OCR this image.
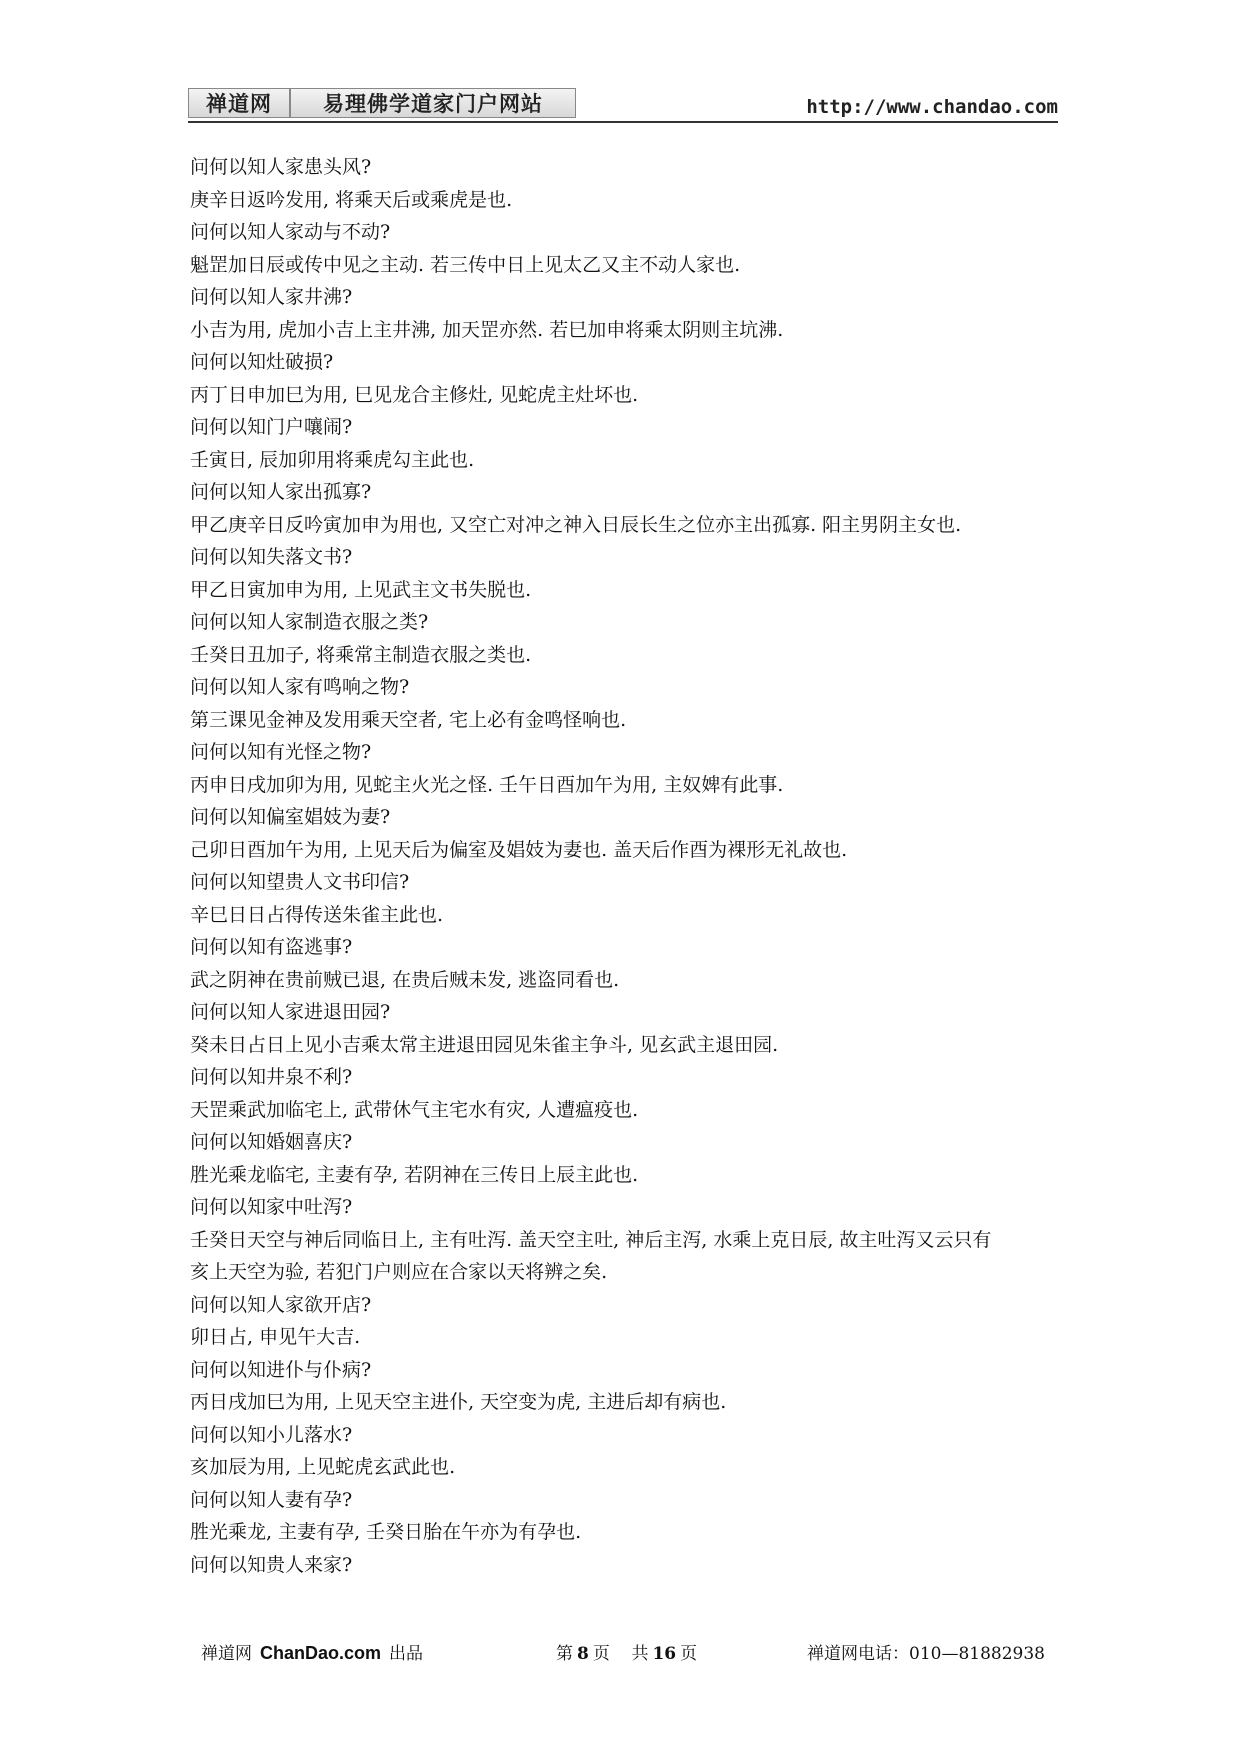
禅道网	易理佛学道家门户网站	http://www.chandao.com
问何以知人家患头风?
庚辛日返吟发用, 将乘天后或乘虎是也.
问何以知人家动与不动?
魁罡加日辰或传中见之主动. 若三传中日上见太乙又主不动人家也.
问何以知人家井沸?
小吉为用, 虎加小吉上主井沸, 加天罡亦然. 若巳加申将乘太阴则主坑沸.
问何以知灶破损?
丙丁日申加巳为用, 巳见龙合主修灶, 见蛇虎主灶坏也.
问何以知门户嚷闹?
壬寅日, 辰加卯用将乘虎勾主此也.
问何以知人家出孤寡?
甲乙庚辛日反吟寅加申为用也, 又空亡对冲之神入日辰长生之位亦主出孤寡. 阳主男阴主女也.
问何以知失落文书?
甲乙日寅加申为用, 上见武主文书失脱也.
问何以知人家制造衣服之类?
壬癸日丑加子, 将乘常主制造衣服之类也.
问何以知人家有鸣响之物?
第三课见金神及发用乘天空者, 宅上必有金鸣怪响也.
问何以知有光怪之物?
丙申日戌加卯为用, 见蛇主火光之怪. 壬午日酉加午为用, 主奴婢有此事.
问何以知偏室娼妓为妻?
己卯日酉加午为用, 上见天后为偏室及娼妓为妻也. 盖天后作酉为裸形无礼故也.
问何以知望贵人文书印信?
辛巳日日占得传送朱雀主此也.
问何以知有盗逃事?
武之阴神在贵前贼已退, 在贵后贼未发, 逃盗同看也.
问何以知人家进退田园?
癸未日占日上见小吉乘太常主进退田园见朱雀主争斗, 见玄武主退田园.
问何以知井泉不利?
天罡乘武加临宅上, 武带休气主宅水有灾, 人遭瘟疫也.
问何以知婚姻喜庆?
胜光乘龙临宅, 主妻有孕, 若阴神在三传日上辰主此也.
问何以知家中吐泻?
壬癸日天空与神后同临日上, 主有吐泻. 盖天空主吐, 神后主泻, 水乘上克日辰, 故主吐泻又云只有
亥上天空为验, 若犯门户则应在合家以天将辨之矣.
问何以知人家欲开店?
卯日占, 申见午大吉.
问何以知进仆与仆病?
丙日戌加巳为用, 上见天空主进仆, 天空变为虎, 主进后却有病也.
问何以知小儿落水?
亥加辰为用, 上见蛇虎玄武此也.
问何以知人妻有孕?
胜光乘龙, 主妻有孕, 壬癸日胎在午亦为有孕也.
问何以知贵人来家?
禅道网 ChanDao.com 出品	第 8 页 共 16 页	禅道网电话：010—81882938
